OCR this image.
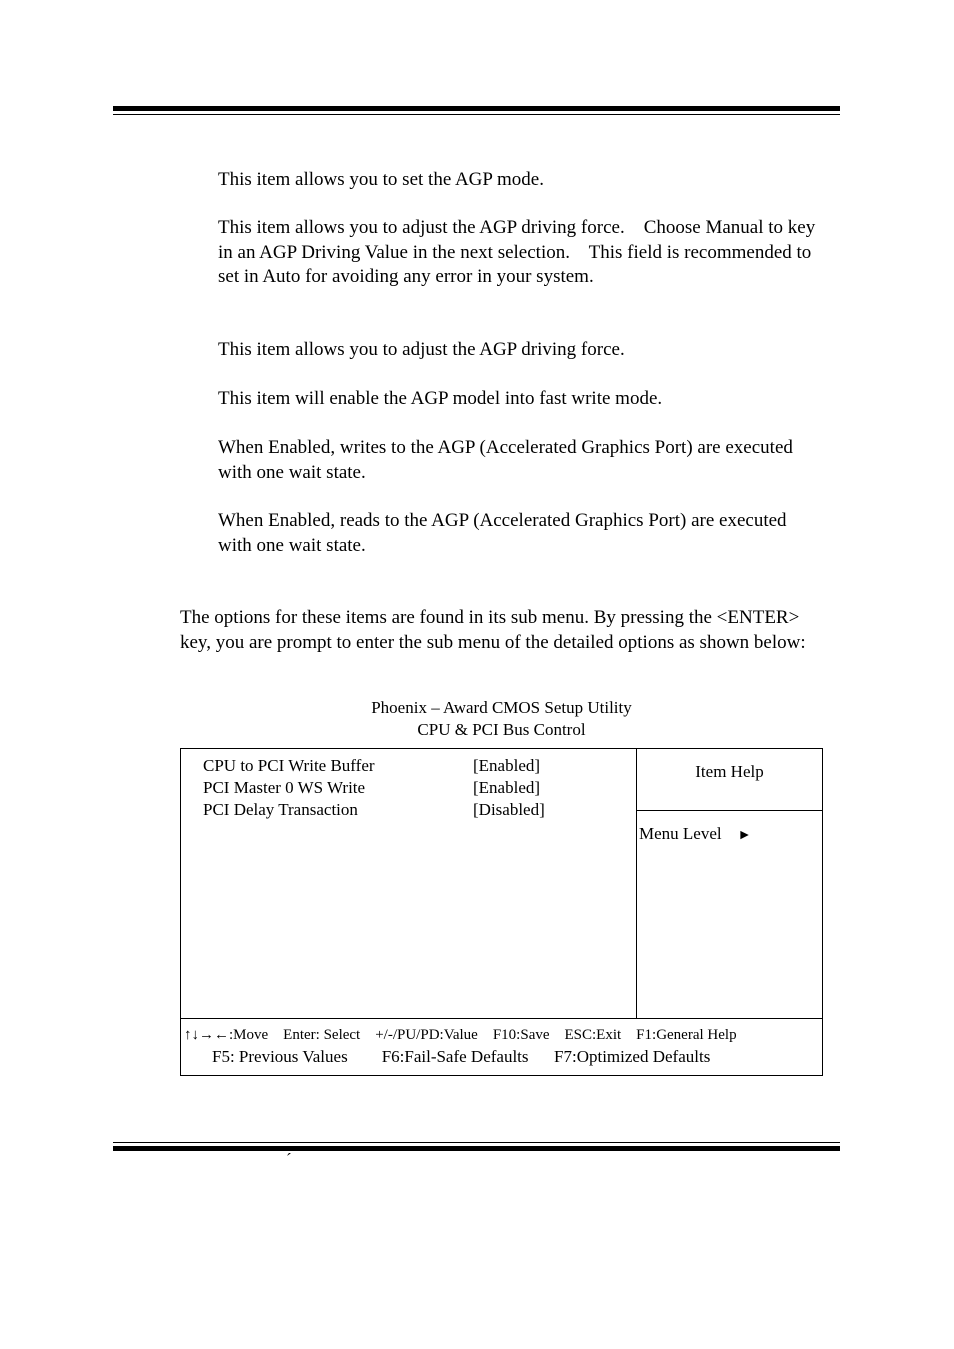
This item allows you to set the AGP mode.

This item allows you to adjust the AGP driving force.    Choose Manual to key in an AGP Driving Value in the next selection.    This field is recommended to set in Auto for avoiding any error in your system.

This item allows you to adjust the AGP driving force.

This item will enable the AGP model into fast write mode.

When Enabled, writes to the AGP (Accelerated Graphics Port) are executed with one wait state.

When Enabled, reads to the AGP (Accelerated Graphics Port) are executed with one wait state.

The options for these items are found in its sub menu. By pressing the <ENTER> key, you are prompt to enter the sub menu of the detailed options as shown below:

Phoenix – Award CMOS Setup Utility
CPU & PCI Bus Control
CPU to PCI Write Buffer	[Enabled]
PCI Master 0 WS Write	[Enabled]
PCI Delay Transaction	[Disabled]
Item Help
Menu Level ►
↑↓→←:Move    Enter: Select    +/-/PU/PD:Value    F10:Save    ESC:Exit    F1:General Help
F5: Previous Values        F6:Fail-Safe Defaults      F7:Optimized Defaults
´
